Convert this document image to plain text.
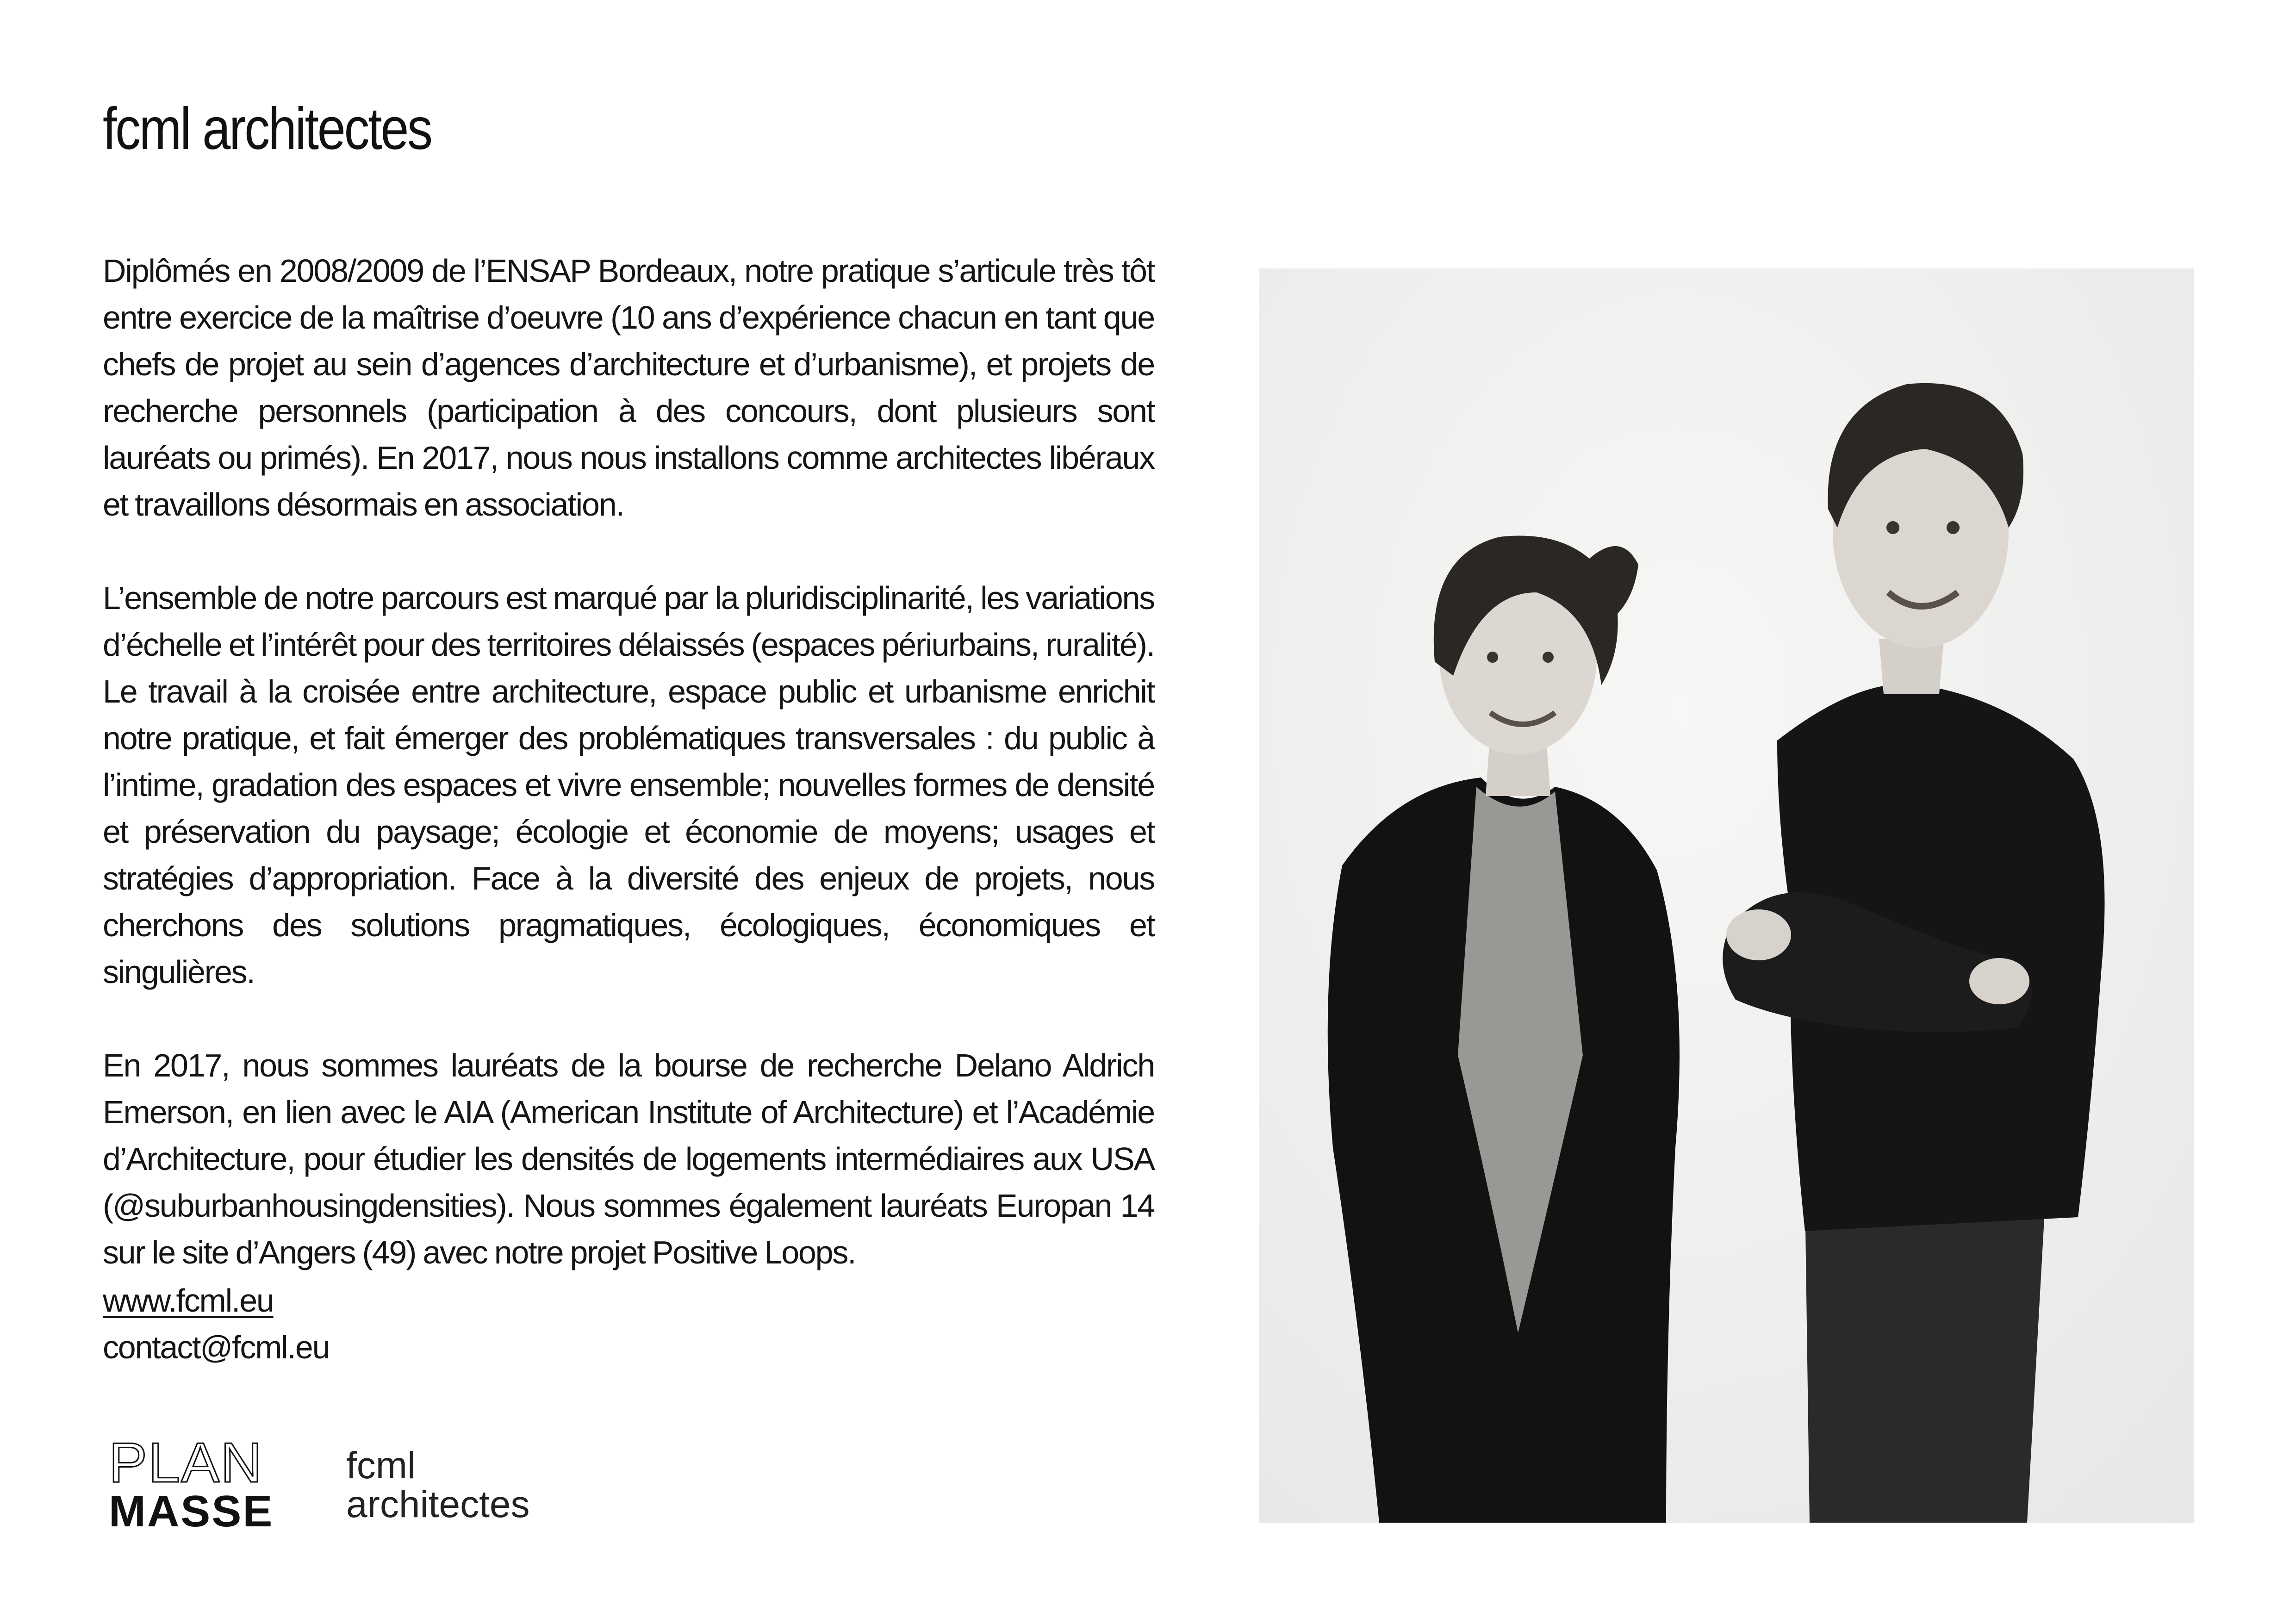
fcml architectes

Diplômés en 2008/2009 de l’ENSAP Bordeaux, notre pratique s’articule très tôt entre exercice de la maîtrise d’oeuvre (10 ans d’expérience chacun en tant que chefs de projet au sein d’agences d’architecture et d’urbanisme), et projets de recherche personnels (participation à des concours, dont plusieurs sont lauréats ou primés). En 2017, nous nous installons comme architectes libéraux et travaillons désormais en association.

L’ensemble de notre parcours est marqué par la pluridisciplinarité, les variations d’échelle et l’intérêt pour des territoires délaissés (espaces périurbains, ruralité). Le travail à la croisée entre architecture, espace public et urbanisme enrichit notre pratique, et fait émerger des problématiques transversales : du public à l’intime, gradation des espaces et vivre ensemble; nouvelles formes de densité et préservation du paysage; écologie et économie de moyens; usages et stratégies d’appropriation. Face à la diversité des enjeux de projets, nous cherchons des solutions pragmatiques, écologiques, économiques et singulières.

En 2017, nous sommes lauréats de la bourse de recherche Delano Aldrich Emerson, en lien avec le AIA (American Institute of Architecture) et l’Académie d’Architecture, pour étudier les densités de logements intermédiaires aux USA (@suburbanhousingdensities). Nous sommes également lauréats Europan 14 sur le site d’Angers (49) avec notre projet Positive Loops.

www.fcml.eu
contact@fcml.eu
PLAN
MASSE
fcml
architectes
